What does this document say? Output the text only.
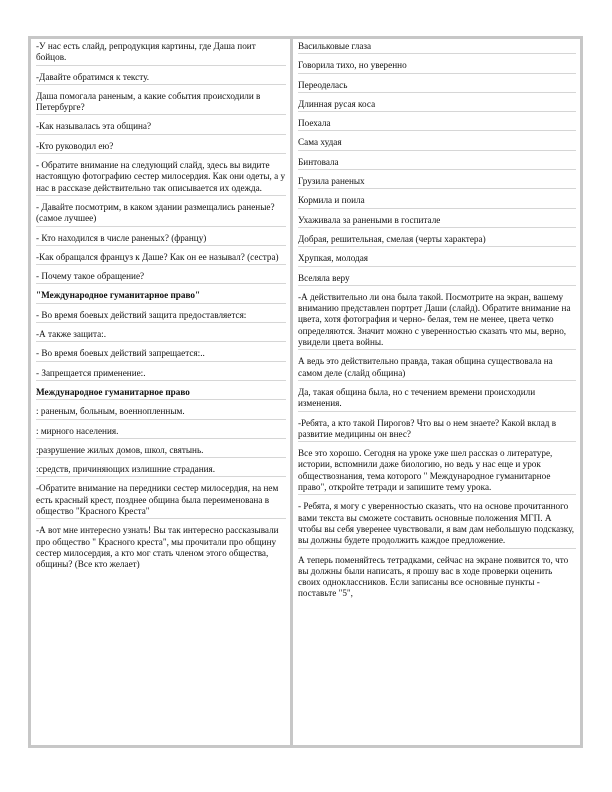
-У нас есть слайд, репродукция картины, где Даша поит бойцов.
-Давайте обратимся к тексту.
Даша помогала раненым, а какие события происходили в Петербурге?
-Как называлась эта община?
-Кто руководил ею?
- Обратите внимание на следующий слайд, здесь вы видите настоящую фотографию сестер милосердия. Как они одеты, а у нас в рассказе действительно так описывается их одежда.
- Давайте посмотрим, в каком здании размещались раненые? (самое лучшее)
- Кто находился в числе раненых? (францу)
-Как обращался француз к Даше? Как он ее называл? (сестра)
- Почему такое обращение?
"Международное гуманитарное право"
- Во время боевых действий защита предоставляется:
-А также защита:.
- Во время боевых действий запрещается:..
- Запрещается применение:.
Международное гуманитарное право
: раненым, больным, военнопленным.
: мирного населения.
:разрушение жилых домов, школ, святынь.
:средств, причиняющих излишние страдания.
-Обратите внимание на передники сестер милосердия, на нем есть красный крест, позднее община была переименована в общество "Красного Креста"
-А вот мне интересно узнать! Вы так интересно рассказывали про общество " Красного креста", мы прочитали про общину сестер милосердия, а кто мог стать членом этого общества, общины? (Все кто желает)
Васильковые глаза
Говорила тихо, но уверенно
Переоделась
Длинная русая коса
Поехала
Сама худая
Бинтовала
Грузила раненых
Кормила и поила
Ухаживала за ранеными в госпитале
Добрая, решительная, смелая (черты характера)
Хрупкая, молодая
Вселяла веру
-А действительно ли она была такой. Посмотрите на экран, вашему вниманию представлен портрет Даши (слайд). Обратите внимание на цвета, хотя фотография и черно- белая, тем не менее, цвета четко определяются. Значит можно с уверенностью сказать что мы, верно, увидели цвета войны.
А ведь это действительно правда, такая община существовала на самом деле (слайд община)
Да, такая община была, но с течением времени происходили изменения.
-Ребята, а кто такой Пирогов? Что вы о нем знаете? Какой вклад в развитие медицины он внес?
Все это хорошо. Сегодня на уроке уже шел рассказ о литературе, истории, вспомнили даже биологию, но ведь у нас еще и урок обществознания, тема которого " Международное гуманитарное право", откройте тетради и запишите тему урока.
- Ребята, я могу с уверенностью сказать, что на основе прочитанного вами текста вы сможете составить основные положения МГП. А чтобы вы себя уверенее чувствовали, я вам дам небольшую подсказку, вы должны будете продолжить каждое предложение.
А теперь поменяйтесь тетрадками, сейчас на экране появится то, что вы должны были написать, я прошу вас в ходе проверки оценить своих одноклассников. Если записаны все основные пункты - поставьте "5",
